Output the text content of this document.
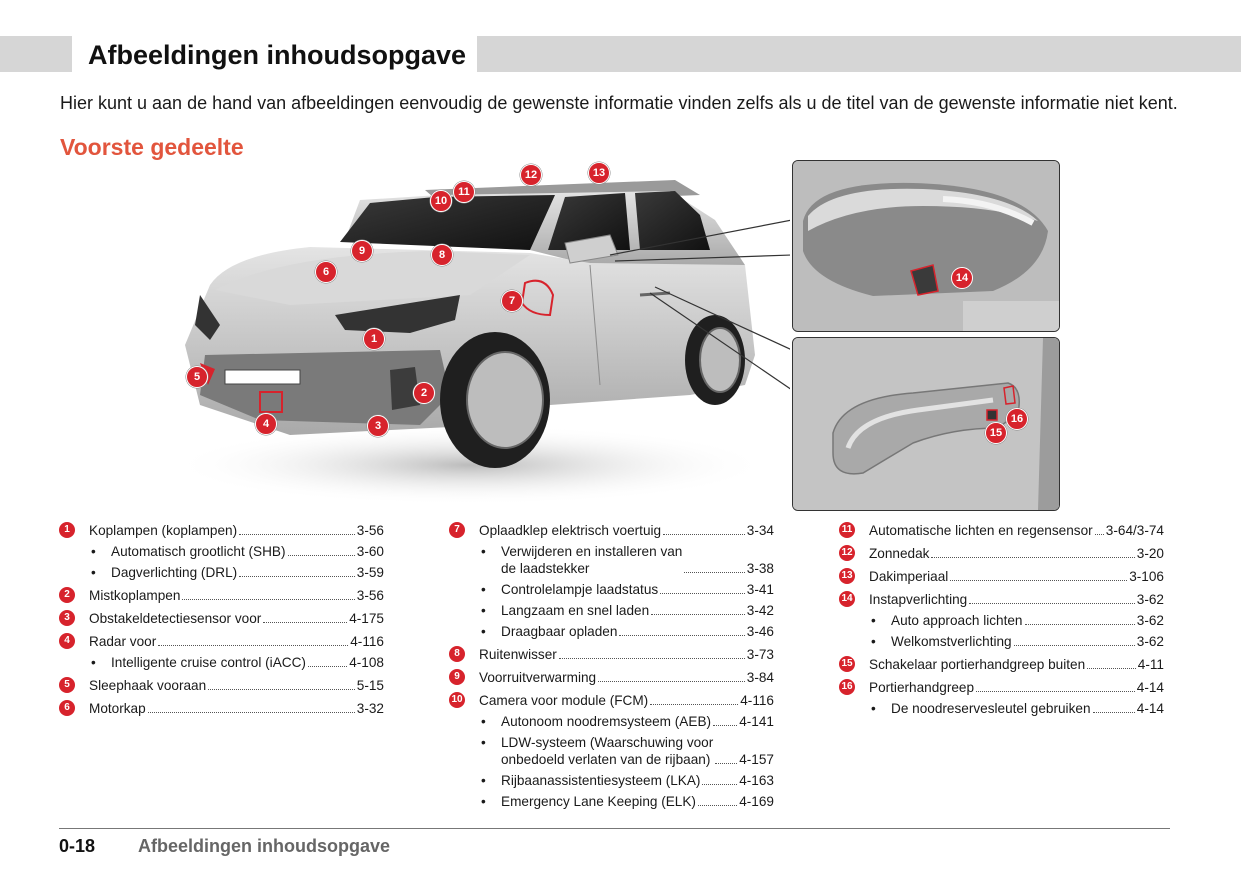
Afbeeldingen inhoudsopgave
Hier kunt u aan de hand van afbeeldingen eenvoudig de gewenste informatie vinden zelfs als u de titel van de gewenste informatie niet kent.
Voorste gedeelte
1
2
3
4
5
6
7
8
9
10
11
12	13
14
15
16
1	Koplampen (koplampen)	3-56
•	Automatisch grootlicht (SHB)	3-60
•	Dagverlichting (DRL)	3-59
2	Mistkoplampen	3-56
3	Obstakeldetectiesensor voor	4-175
4	Radar voor	4-116
•	Intelligente cruise control (iACC)	4-108
5	Sleephaak vooraan	5-15
6	Motorkap	3-32
7	Oplaadklep elektrisch voertuig	3-34
•	Verwijderen en installeren van
de laadstekker	3-38
•	Controlelampje laadstatus	3-41
•	Langzaam en snel laden	3-42
•	Draagbaar opladen	3-46
8	Ruitenwisser	3-73
9	Voorruitverwarming	3-84
10 Camera voor module (FCM)	4-116
•	Autonoom noodremsysteem (AEB) 4-141
•	LDW-systeem (Waarschuwing voor
onbedoeld verlaten van de rijbaan) 4-157
•	Rijbaanassistentiesysteem (LKA)	4-163
•	Emergency Lane Keeping (ELK)	4-169
11 Automatische lichten en regensensor 3-64/3-74
12 Zonnedak	3-20
13 Dakimperiaal	3-106
14 Instapverlichting	3-62
•	Auto approach lichten	3-62
•	Welkomstverlichting	3-62
15 Schakelaar portierhandgreep buiten	4-11
16 Portierhandgreep	4-14
•	De noodreservesleutel gebruiken	4-14
0-18 Afbeeldingen inhoudsopgave
